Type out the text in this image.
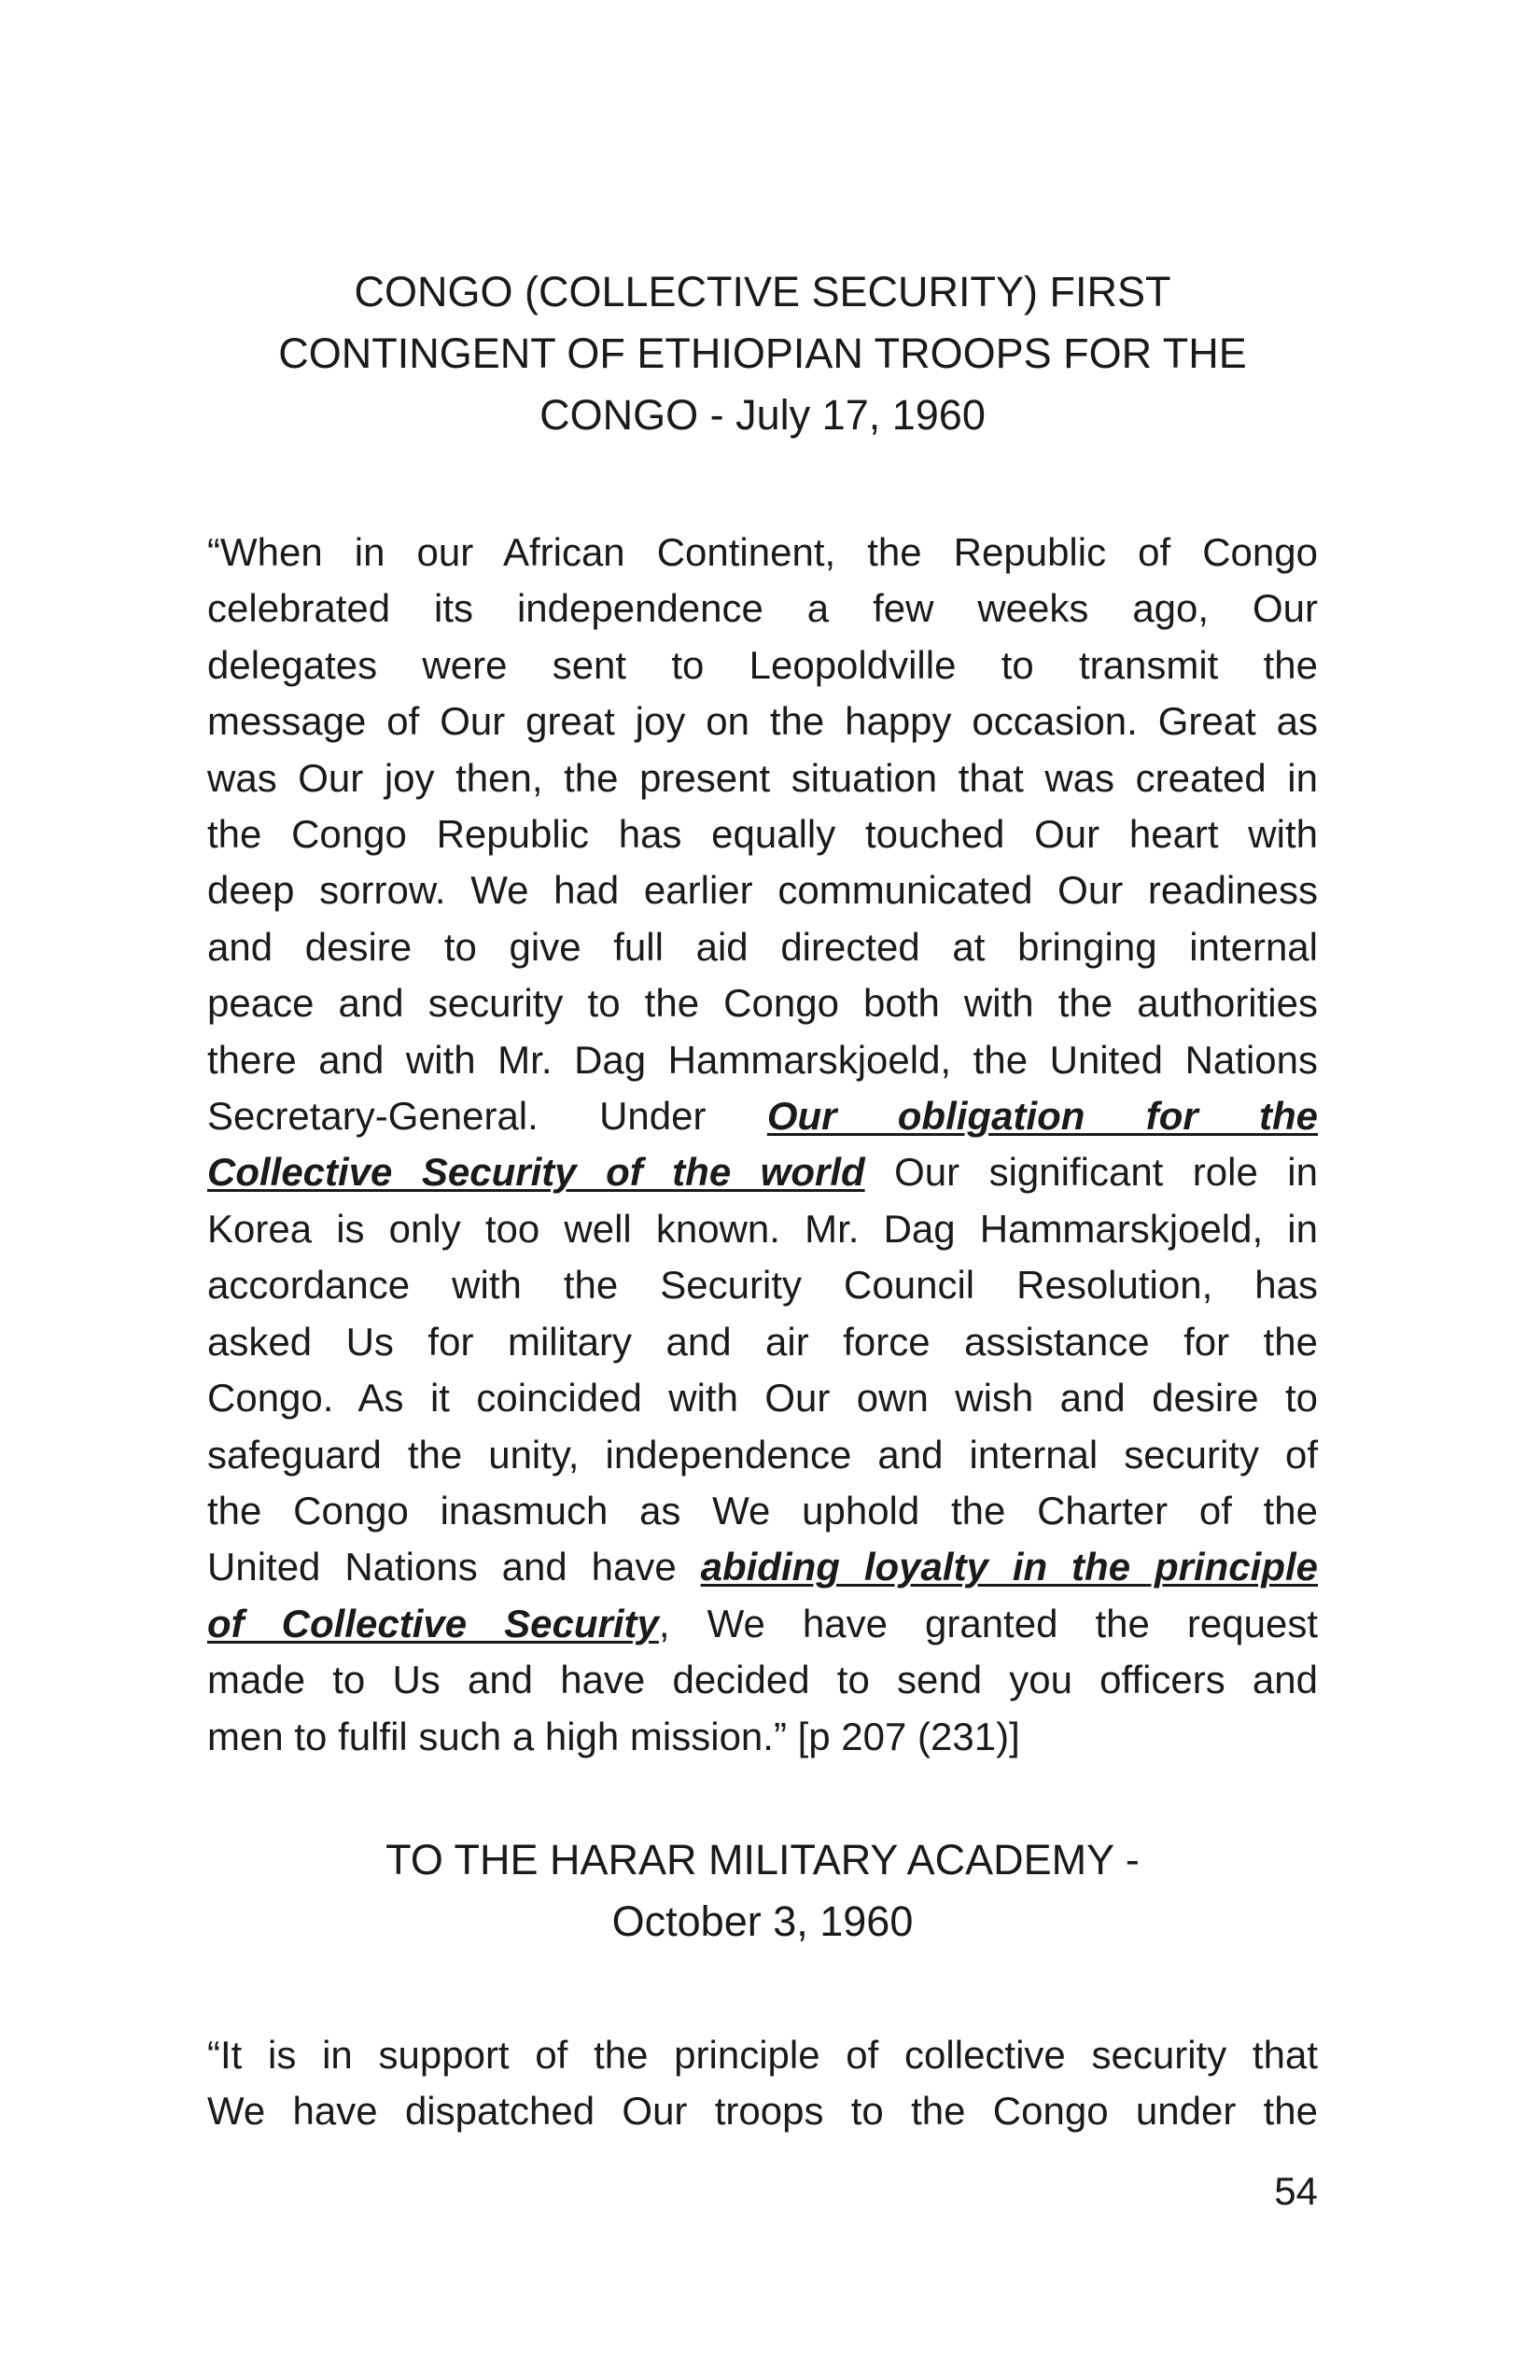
CONGO (COLLECTIVE SECURITY) FIRST
CONTINGENT OF ETHIOPIAN TROOPS FOR THE
CONGO - July 17, 1960

“When in our African Continent, the Republic of Congo
celebrated its independence a few weeks ago, Our
delegates were sent to Leopoldville to transmit the
message of Our great joy on the happy occasion. Great as
was Our joy then, the present situation that was created in
the Congo Republic has equally touched Our heart with
deep sorrow. We had earlier communicated Our readiness
and desire to give full aid directed at bringing internal
peace and security to the Congo both with the authorities
there and with Mr. Dag Hammarskjoeld, the United Nations
Secretary-General. Under Our obligation for the
Collective Security of the world Our significant role in
Korea is only too well known. Mr. Dag Hammarskjoeld, in
accordance with the Security Council Resolution, has
asked Us for military and air force assistance for the
Congo. As it coincided with Our own wish and desire to
safeguard the unity, independence and internal security of
the Congo inasmuch as We uphold the Charter of the
United Nations and have abiding loyalty in the principle
of Collective Security, We have granted the request
made to Us and have decided to send you officers and
men to fulfil such a high mission.” [p 207 (231)]

TO THE HARAR MILITARY ACADEMY -
October 3, 1960

“It is in support of the principle of collective security that
We have dispatched Our troops to the Congo under the

54
